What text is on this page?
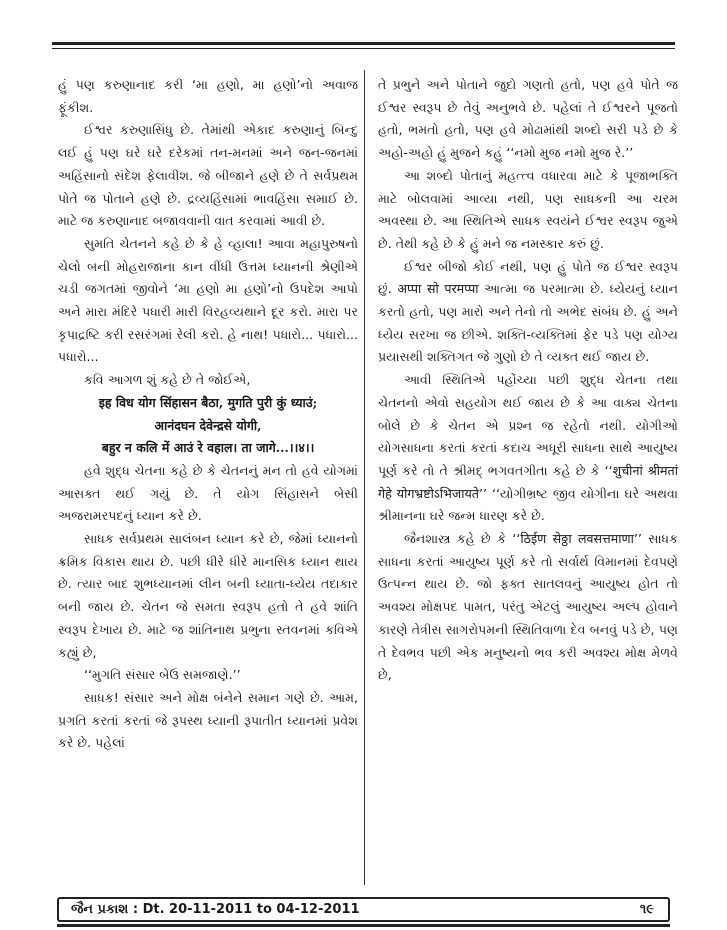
હું પણ કરુણાનાદ કરી ‘મા હણો, મા હણો’નો અવાજ ફૂંકીશ.

ઈશ્વર કરુણાસિંધુ છે. તેમાંથી એકાદ કરુણાનું બિન્દુ લઈ હું પણ ઘરે ઘરે દરેકમાં તન-મનમાં અને જન-જનમાં અહિંસાનો સંદેશ ફેલાવીશ. જે બીજાને હણે છે તે સર્વપ્રથમ પોતે જ પોતાને હણે છે. દ્રવ્યહિંસામાં ભાવહિંસા સમાઈ છે. માટે જ કરુણાનાદ બજાવવાની વાત કરવામાં આવી છે.

સુમતિ ચેતનને કહે છે કે હે વ્હાલા! આવા મહાપુરુષનો ચેલો બની મોહરાજાના કાન વીંધી ઉત્તમ ધ્યાનની શ્રેણીએ ચડી જગતમાં જીવોને ‘મા હણો મા હણો’નો ઉપદેશ આપો અને મારા મંદિરે પધારી મારી વિરહવ્યથાને દૂર કરો. મારા પર કૃપાદ્રષ્ટિ કરી રસરંગમાં રેલી કરો. હે નાથ! પધારો... પધારો... પધારો...

કવિ આગળ શું કહે છે તે જોઈએ,

इह विध योग सिंहासन बैठा, मुगति पुरी कुं ध्याउं;

आनंदघन देवेन्द्रसे योगी,

बहुर न कलि में आउं रे वहाल। ता जागे...।।४।।

હવે શુદ્ધ ચેતના કહે છે કે ચેતનનું મન તો હવે યોગમાં આસક્ત થઈ ગયું છે. તે યોગ સિંહાસને બેસી અજરામરપદનું ધ્યાન કરે છે.

સાધક સર્વપ્રથમ સાલંબન ધ્યાન કરે છે, જેમાં ધ્યાનનો ક્રમિક વિકાસ થાય છે. પછી ધીરે ધીરે માનસિક ધ્યાન થાય છે. ત્યાર બાદ શુભધ્યાનમાં લીન બની ધ્યાતા-ધ્યેય તદાકાર બની જાય છે. ચેતન જે સમતા સ્વરૂપ હતો તે હવે શાંતિ સ્વરૂપ દેખાય છે. માટે જ શાંતિનાથ પ્રભુના સ્તવનમાં કવિએ કહ્યું છે,

‘‘મુગતિ સંસાર બેઉ સમજાણે.’’

સાધક! સંસાર અને મોક્ષ બંનેને સમાન ગણે છે. આમ, પ્રગતિ કરતાં કરતાં જે રૂપસ્થ ધ્યાની રૂપાતીત ધ્યાનમાં પ્રવેશ કરે છે. પહેલાં

તે પ્રભુને અને પોતાને જુદો ગણતો હતો, પણ હવે પોતે જ ઈશ્વર સ્વરૂપ છે તેવું અનુભવે છે. પહેલાં તે ઈશ્વરને પૂજતો હતો, ભમતો હતો, પણ હવે મોઢામાંથી શબ્દો સરી પડે છે કે અહો-અહો હું મુજને કહું ‘‘નમો મુજ નમો મુજ રે.’’

આ શબ્દો પોતાનું મહત્ત્વ વધારવા માટે કે પૂજાભક્તિ માટે બોલવામાં આવ્યા નથી, પણ સાધકની આ ચરમ અવસ્થા છે. આ સ્થિતિએ સાધક સ્વયંને ઈશ્વર સ્વરૂપ જુએ છે. તેથી કહે છે કે હું મને જ નમસ્કાર કરું છું.

ઈશ્વર બીજો કોઈ નથી, પણ હું પોતે જ ઈશ્વર સ્વરૂપ છું. अप्पा सो परमप्पा આત્મા જ પરમાત્મા છે. ધ્યેયનું ધ્યાન કરતો હતો, પણ મારો અને તેનો તો અભેદ સંબંધ છે. હું અને ધ્યેય સરખા જ છીએ. શક્તિ-વ્યક્તિમાં ફેર પડે પણ યોગ્ય પ્રયાસથી શક્તિગત જે ગુણો છે તે વ્યક્ત થઈ જાય છે.

આવી સ્થિતિએ પહોંચ્યા પછી શુદ્ધ ચેતના તથા ચેતનનો એવો સહયોગ થઈ જાય છે કે આ વાક્ય ચેતના બોલે છે કે ચેતન એ પ્રશ્ન જ રહેતો નથી. યોગીઓ યોગસાધના કરતાં કરતાં કદાચ અધૂરી સાધના સાથે આયુષ્ય પૂર્ણ કરે તો તે શ્રીમદ્ ભગવતગીતા કહે છે કે ‘‘शुचीनां श्रीमतां गेहे योगभ्रष्टोऽभिजायते’’ ‘‘યોગીભ્રષ્ટ જીવ યોગીના ઘરે અથવા શ્રીમાનના ઘરે જન્મ ધારણ કરે છે.

જૈનશાસ્ત્ર કહે છે કે ‘‘ठिईण सेठ्ठा लवसत्तमाणा’’ સાધક સાધના કરતાં આયુષ્ય પૂર્ણ કરે તો સર્વાર્થ વિમાનમાં દેવપણે ઉત્પન્ન થાય છે. જો ફક્ત સાતલવનું આયુષ્ય હોત તો અવશ્ય મોક્ષપદ પામત, પરંતુ એટલું આયુષ્ય અલ્પ હોવાને કારણે તેત્રીસ સાગરોપમની સ્થિતિવાળા દેવ બનવું પડે છે, પણ તે દેવભવ પછી એક મનુષ્યનો ભવ કરી અવશ્ય મોક્ષ મેળવે છે,

જૈન પ્રકાશ : Dt. 20-11-2011 to 04-12-2011	૧૯
